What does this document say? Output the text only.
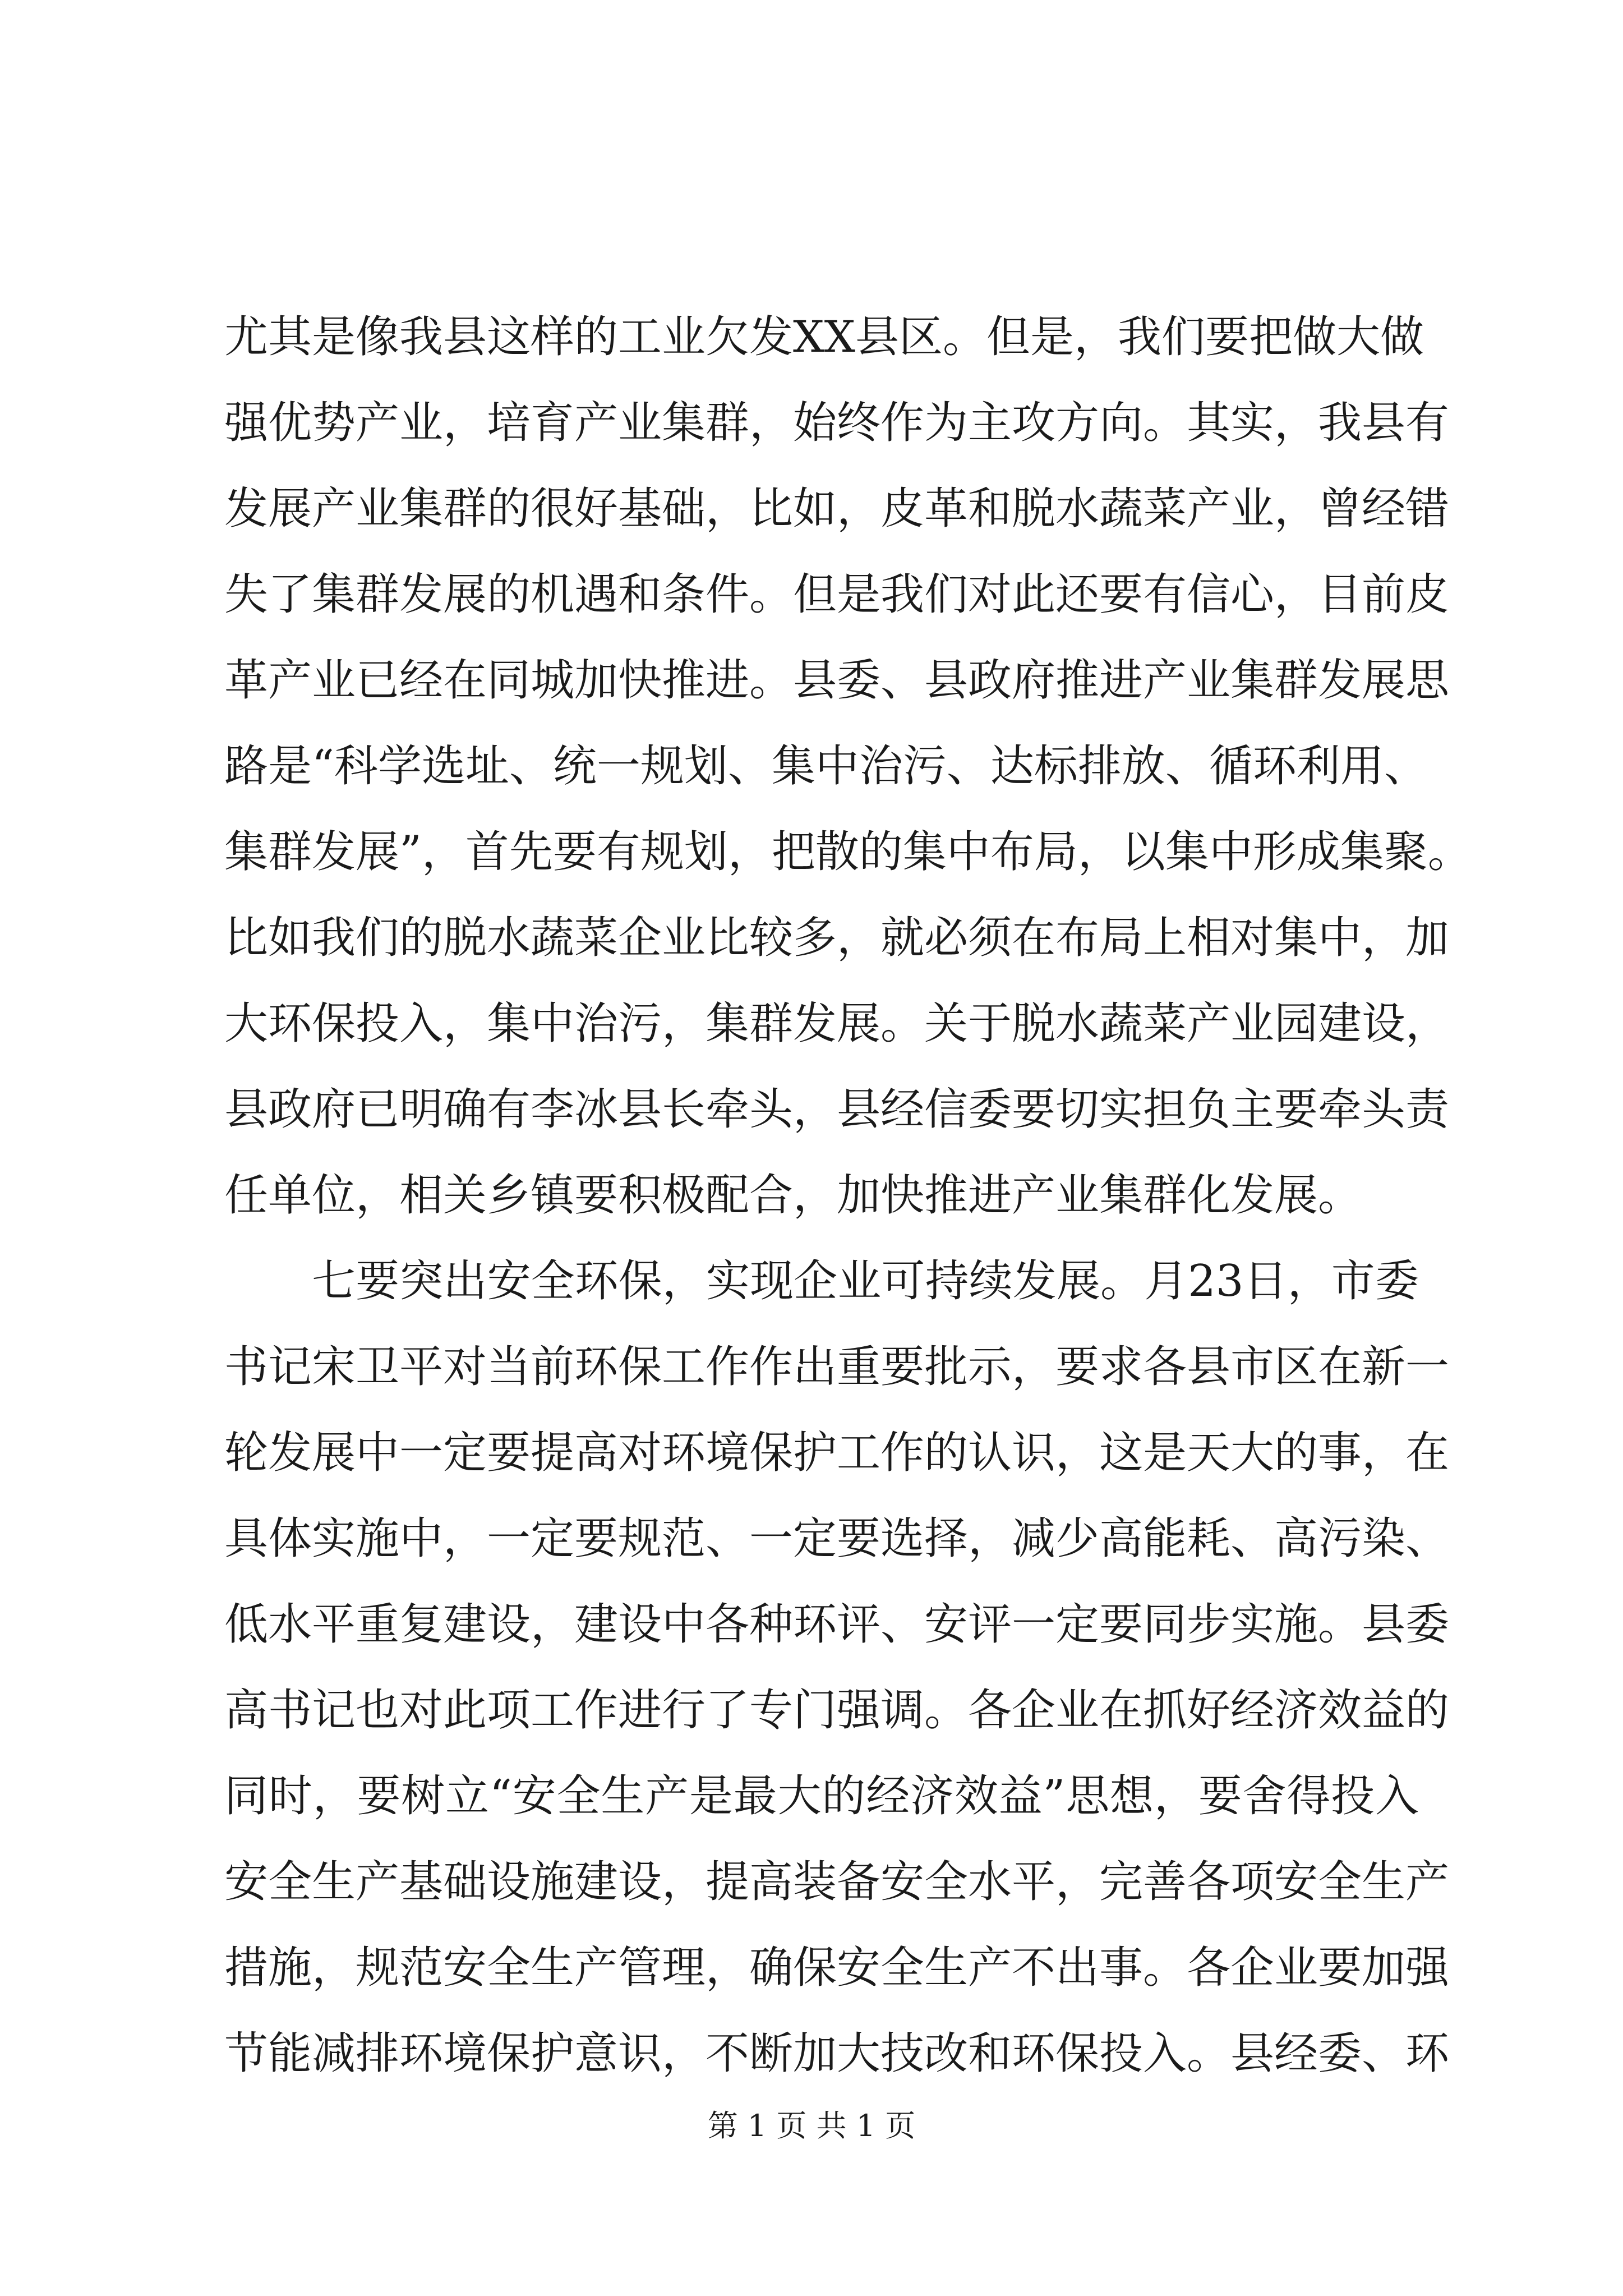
尤其是像我县这样的工业欠发XX县区。但是，我们要把做大做
强优势产业，培育产业集群，始终作为主攻方向。其实，我县有
发展产业集群的很好基础，比如，皮革和脱水蔬菜产业，曾经错
失了集群发展的机遇和条件。但是我们对此还要有信心，目前皮
革产业已经在同城加快推进。县委、县政府推进产业集群发展思
路是“科学选址、统一规划、集中治污、达标排放、循环利用、
集群发展”，首先要有规划，把散的集中布局，以集中形成集聚。
比如我们的脱水蔬菜企业比较多，就必须在布局上相对集中，加
大环保投入，集中治污，集群发展。关于脱水蔬菜产业园建设，
县政府已明确有李冰县长牵头，县经信委要切实担负主要牵头责
任单位，相关乡镇要积极配合，加快推进产业集群化发展。
七要突出安全环保，实现企业可持续发展。月23日，市委
书记宋卫平对当前环保工作作出重要批示，要求各县市区在新一
轮发展中一定要提高对环境保护工作的认识，这是天大的事，在
具体实施中，一定要规范、一定要选择，减少高能耗、高污染、
低水平重复建设，建设中各种环评、安评一定要同步实施。县委
高书记也对此项工作进行了专门强调。各企业在抓好经济效益的
同时，要树立“安全生产是最大的经济效益”思想，要舍得投入
安全生产基础设施建设，提高装备安全水平，完善各项安全生产
措施，规范安全生产管理，确保安全生产不出事。各企业要加强
节能减排环境保护意识，不断加大技改和环保投入。县经委、环
第 1 页 共 1 页
